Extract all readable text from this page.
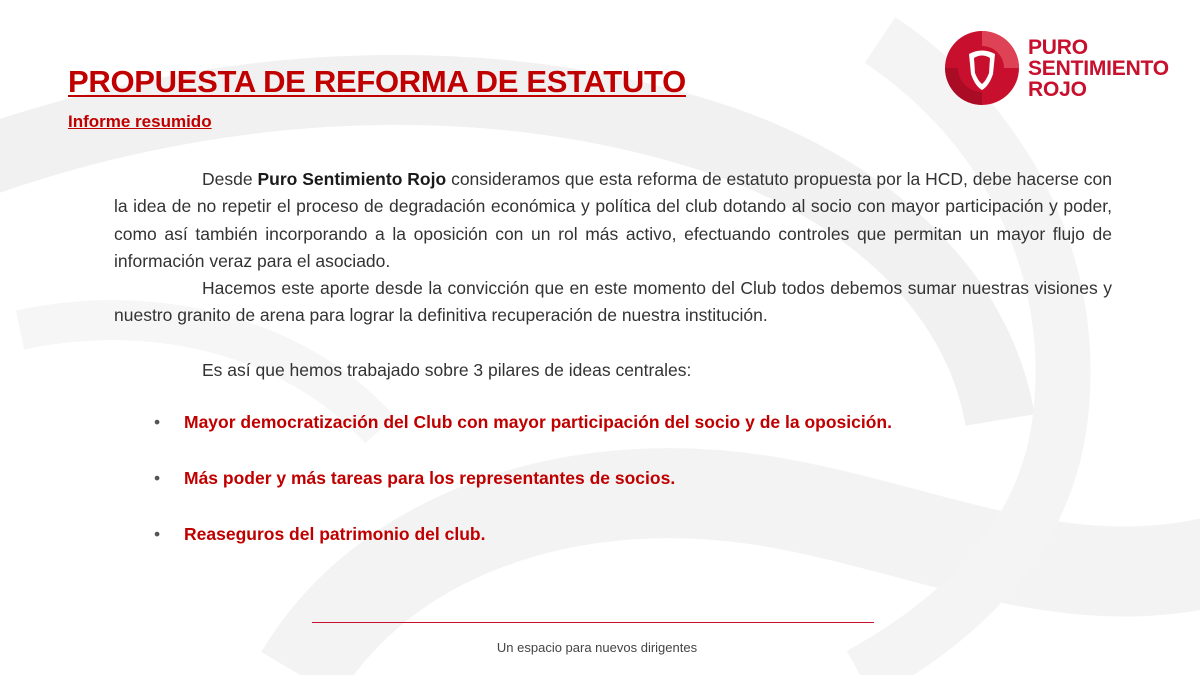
PURO
SENTIMIENTO
ROJO
PROPUESTA DE REFORMA DE ESTATUTO
Informe resumido

Desde Puro Sentimiento Rojo consideramos que esta reforma de estatuto propuesta por la HCD, debe hacerse con la idea de no repetir el proceso de degradación económica y política del club dotando al socio con mayor participación y poder, como así también incorporando a la oposición con un rol más activo, efectuando controles que permitan un mayor flujo de información veraz para el asociado.

Hacemos este aporte desde la convicción que en este momento del Club todos debemos sumar nuestras visiones y nuestro granito de arena para lograr la definitiva recuperación de nuestra institución.

Es así que hemos trabajado sobre 3 pilares de ideas centrales:

• Mayor democratización del Club con mayor participación del socio y de la oposición.
• Más poder y más tareas para los representantes de socios.
• Reaseguros del patrimonio del club.
Un espacio para nuevos dirigentes
